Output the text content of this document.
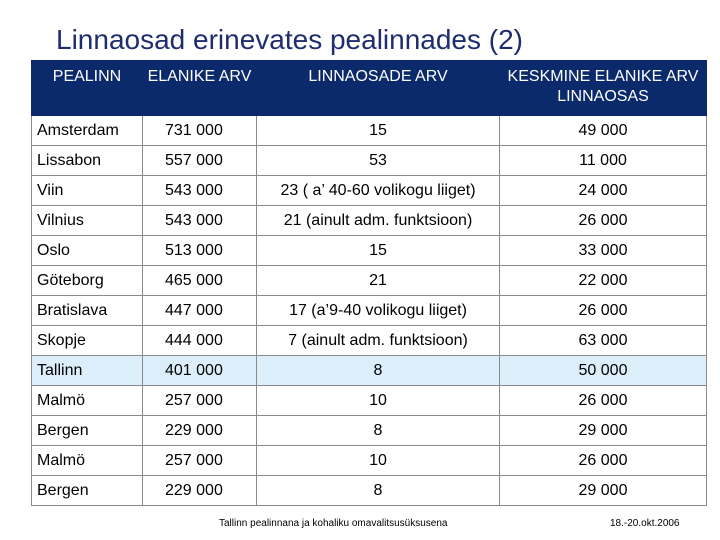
Linnaosad erinevates pealinnades (2)
PEALINN	ELANIKE ARV	LINNAOSADE ARV	KESKMINE ELANIKE ARV LINNAOSAS
Amsterdam	731 000	15	49 000
Lissabon	557 000	53	11 000
Viin	543 000	23 ( a’ 40-60 volikogu liiget)	24 000
Vilnius	543 000	21 (ainult adm. funktsioon)	26 000
Oslo	513 000	15	33 000
Göteborg	465 000	21	22 000
Bratislava	447 000	17 (a’9-40 volikogu liiget)	26 000
Skopje	444 000	7 (ainult adm. funktsioon)	63 000
Tallinn	401 000	8	50 000
Malmö	257 000	10	26 000
Bergen	229 000	8	29 000
Malmö	257 000	10	26 000
Bergen	229 000	8	29 000
Tallinn pealinnana ja kohaliku omavalitsusüksusena	18.-20.okt.2006
